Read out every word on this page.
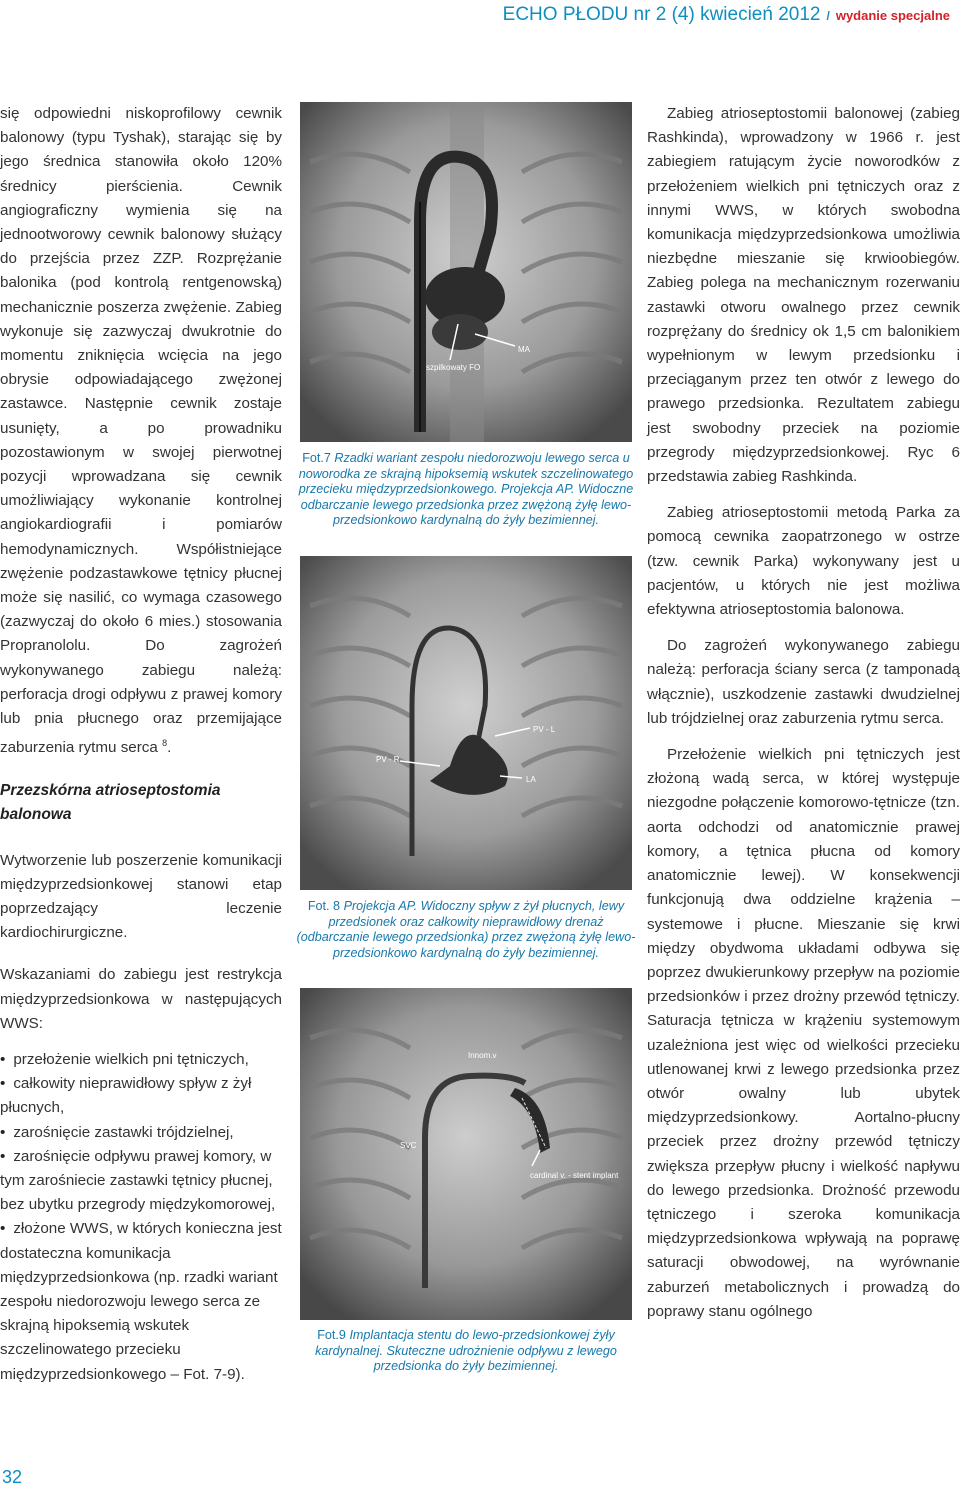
ECHO PŁODU nr 2 (4) kwiecień 2012 / wydanie specjalne

się odpowiedni niskoprofilowy cewnik balonowy (typu Tyshak), starając się by jego średnica stanowiła około 120% średnicy pierścienia. Cewnik angiograficzny wymienia się na jednootworowy cewnik balonowy służący do przejścia przez ZZP. Rozprężanie balonika (pod kontrolą rentgenowską) mechanicznie poszerza zwężenie. Zabieg wykonuje się zazwyczaj dwukrotnie do momentu zniknięcia wcięcia na jego obrysie odpowiadającego zwężonej zastawce. Następnie cewnik zostaje usunięty, a po prowadniku pozostawionym w swojej pierwotnej pozycji wprowadzana się cewnik umożliwiający wykonanie kontrolnej angiokardiografii i pomiarów hemodynamicznych. Współistniejące zwężenie podzastawkowe tętnicy płucnej może się nasilić, co wymaga czasowego (zazwyczaj do około 6 mies.) stosowania Propranololu. Do zagrożeń wykonywanego zabiegu należą: perforacja drogi odpływu z prawej komory lub pnia płucnego oraz przemijające zaburzenia rytmu serca $^8$.

Przezskórna atrioseptostomia balonowa

Wytworzenie lub poszerzenie komunikacji międzyprzedsionkowej stanowi etap poprzedzający leczenie kardiochirurgiczne.

Wskazaniami do zabiegu jest restrykcja międzyprzedsionkowa w następujących WWS:

• przełożenie wielkich pni tętniczych,
• całkowity nieprawidłowy spływ z żył płucnych,
• zarośnięcie zastawki trójdzielnej,
• zarośnięcie odpływu prawej komory, w tym zarośniecie zastawki tętnicy płucnej, bez ubytku przegrody międzykomorowej,
• złożone WWS, w których konieczna jest dostateczna komunikacja międzyprzedsionkowa (np. rzadki wariant zespołu niedorozwoju lewego serca ze skrajną hipoksemią wskutek szczelinowatego przecieku międzyprzedsionkowego – Fot. 7-9).
MA
szpilkowaty FO
Fot.7 Rzadki wariant zespołu niedorozwoju lewego serca u noworodka ze skrajną hipoksemią wskutek szczelinowatego przecieku międzyprzedsionkowego. Projekcja AP. Widoczne odbarczanie lewego przedsionka przez zwężoną żyłę lewo-przedsionkowo kardynalną do żyły bezimiennej.
PV - L
PV - R
LA
Fot. 8 Projekcja AP. Widoczny spływ z żył płucnych, lewy przedsionek oraz całkowity nieprawidłowy drenaż (odbarczanie lewego przedsionka) przez zwężoną żyłę lewo-przedsionkowo kardynalną do żyły bezimiennej.
Innom.v
SVC
cardinal v. - stent implant
Fot.9 Implantacja stentu do lewo-przedsionkowej żyły kardynalnej. Skuteczne udrożnienie odpływu z lewego przedsionka do żyły bezimiennej.

Zabieg atrioseptostomii balonowej (zabieg Rashkinda), wprowadzony w 1966 r. jest zabiegiem ratującym życie noworodków z przełożeniem wielkich pni tętniczych oraz z innymi WWS, w których swobodna komunikacja międzyprzedsionkowa umożliwia niezbędne mieszanie się krwioobiegów. Zabieg polega na mechanicznym rozerwaniu zastawki otworu owalnego przez cewnik rozprężany do średnicy ok 1,5 cm balonikiem wypełnionym w lewym przedsionku i przeciąganym przez ten otwór z lewego do prawego przedsionka. Rezultatem zabiegu jest swobodny przeciek na poziomie przegrody międzyprzedsionkowej. Ryc 6 przedstawia zabieg Rashkinda.

Zabieg atrioseptostomii metodą Parka za pomocą cewnika zaopatrzonego w ostrze (tzw. cewnik Parka) wykonywany jest u pacjentów, u których nie jest możliwa efektywna atrioseptostomia balonowa.

Do zagrożeń wykonywanego zabiegu należą: perforacja ściany serca (z tamponadą włącznie), uszkodzenie zastawki dwudzielnej lub trójdzielnej oraz zaburzenia rytmu serca.

Przełożenie wielkich pni tętniczych jest złożoną wadą serca, w której występuje niezgodne połączenie komorowo-tętnicze (tzn. aorta odchodzi od anatomicznie prawej komory, a tętnica płucna od komory anatomicznie lewej). W konsekwencji funkcjonują dwa oddzielne krążenia – systemowe i płucne. Mieszanie się krwi między obydwoma układami odbywa się poprzez dwukierunkowy przepływ na poziomie przedsionków i przez drożny przewód tętniczy. Saturacja tętnicza w krążeniu systemowym uzależniona jest więc od wielkości przecieku utlenowanej krwi z lewego przedsionka przez otwór owalny lub ubytek międzyprzedsionkowy. Aortalno-płucny przeciek przez drożny przewód tętniczy zwiększa przepływ płucny i wielkość napływu do lewego przedsionka. Drożność przewodu tętniczego i szeroka komunikacja międzyprzedsionkowa wpływają na poprawę saturacji obwodowej, na wyrównanie zaburzeń metabolicznych i prowadzą do poprawy stanu ogólnego

32
